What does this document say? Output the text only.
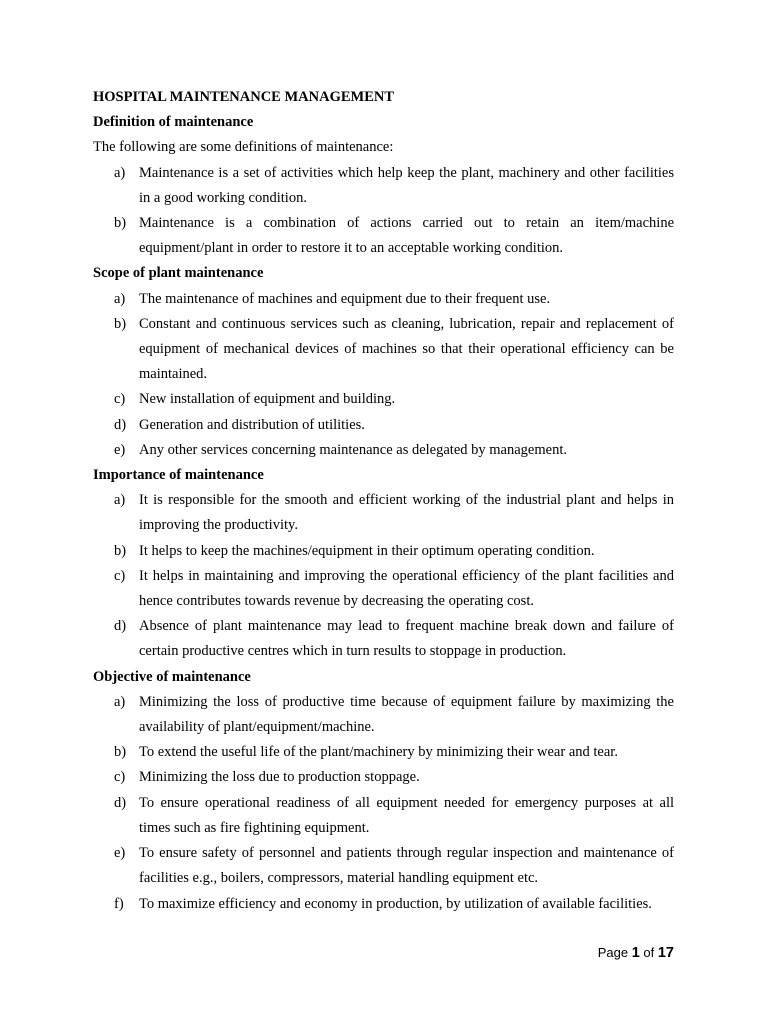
HOSPITAL MAINTENANCE MANAGEMENT
Definition of maintenance
The following are some definitions of maintenance:
a) Maintenance is a set of activities which help keep the plant, machinery and other facilities in a good working condition.
b) Maintenance is a combination of actions carried out to retain an item/machine equipment/plant in order to restore it to an acceptable working condition.
Scope of plant maintenance
a) The maintenance of machines and equipment due to their frequent use.
b) Constant and continuous services such as cleaning, lubrication, repair and replacement of equipment of mechanical devices of machines so that their operational efficiency can be maintained.
c) New installation of equipment and building.
d) Generation and distribution of utilities.
e) Any other services concerning maintenance as delegated by management.
Importance of maintenance
a) It is responsible for the smooth and efficient working of the industrial plant and helps in improving the productivity.
b) It helps to keep the machines/equipment in their optimum operating condition.
c) It helps in maintaining and improving the operational efficiency of the plant facilities and hence contributes towards revenue by decreasing the operating cost.
d) Absence of plant maintenance may lead to frequent machine break down and failure of certain productive centres which in turn results to stoppage in production.
Objective of maintenance
a) Minimizing the loss of productive time because of equipment failure by maximizing the availability of plant/equipment/machine.
b) To extend the useful life of the plant/machinery by minimizing their wear and tear.
c) Minimizing the loss due to production stoppage.
d) To ensure operational readiness of all equipment needed for emergency purposes at all times such as fire fightining equipment.
e) To ensure safety of personnel and patients through regular inspection and maintenance of facilities e.g., boilers, compressors, material handling equipment etc.
f) To maximize efficiency and economy in production, by utilization of available facilities.
Page 1 of 17
